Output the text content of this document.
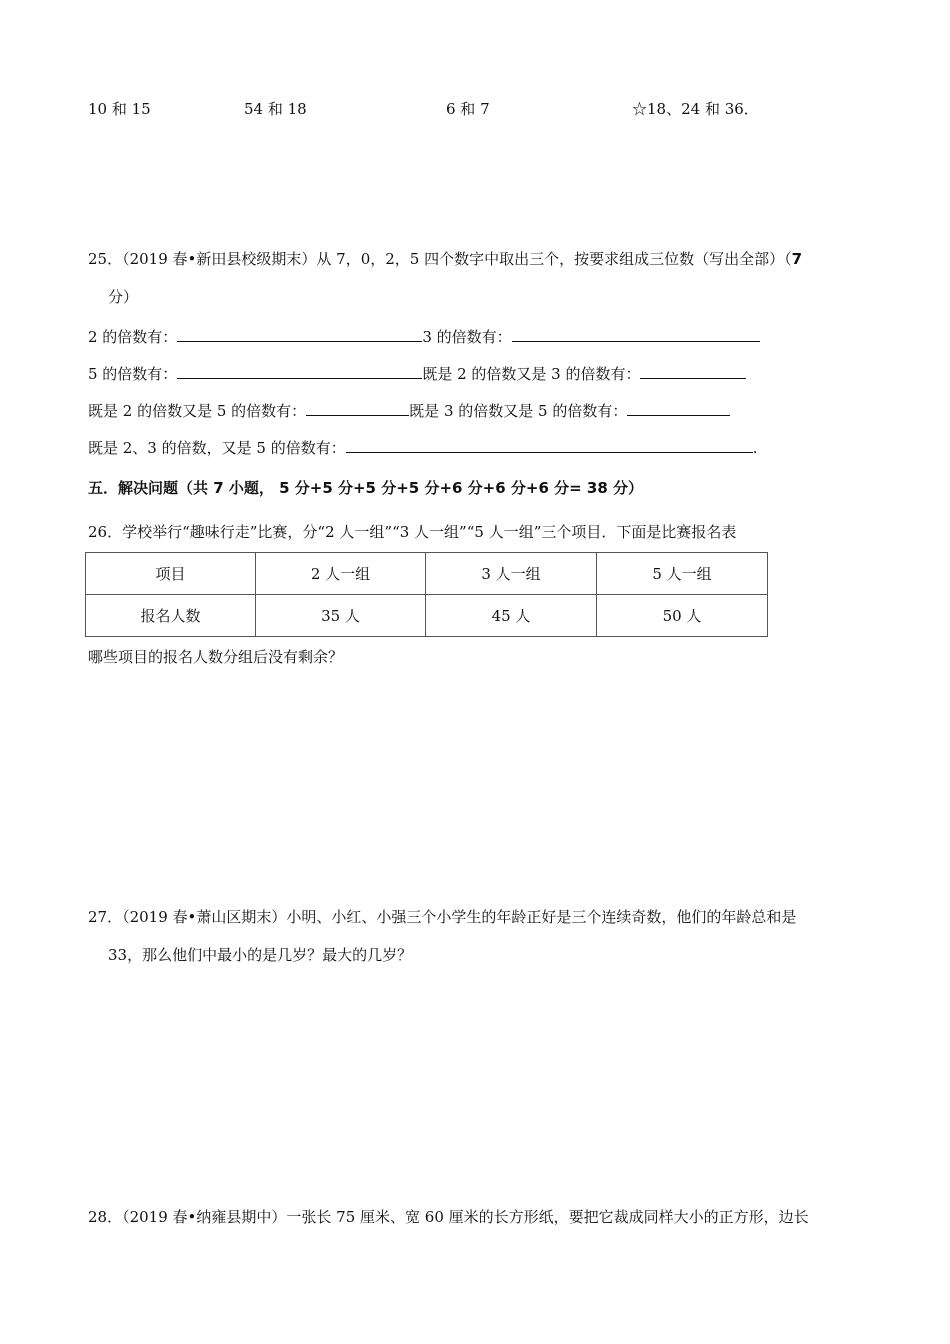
10 和 15	54 和 18	6 和 7	☆18、24 和 36．
25．（2019 春•新田县校级期末）从 7，0，2，5 四个数字中取出三个，按要求组成三位数（写出全部）（7
分）
2 的倍数有：	3 的倍数有：
5 的倍数有：	既是 2 的倍数又是 3 的倍数有：
既是 2 的倍数又是 5 的倍数有：	既是 3 的倍数又是 5 的倍数有：
既是 2、3 的倍数，又是 5 的倍数有：	.
五．解决问题（共 7 小题， 5 分+5 分+5 分+5 分+6 分+6 分+6 分= 38 分）
26．学校举行“趣味行走”比赛，分“2 人一组”“3 人一组”“5 人一组”三个项目．下面是比赛报名表
项目	2 人一组	3 人一组	5 人一组
报名人数	35 人	45 人	50 人
哪些项目的报名人数分组后没有剩余？
27．（2019 春•萧山区期末）小明、小红、小强三个小学生的年龄正好是三个连续奇数，他们的年龄总和是
33，那么他们中最小的是几岁？最大的几岁？
28．（2019 春•纳雍县期中）一张长 75 厘米、宽 60 厘米的长方形纸，要把它裁成同样大小的正方形，边长
